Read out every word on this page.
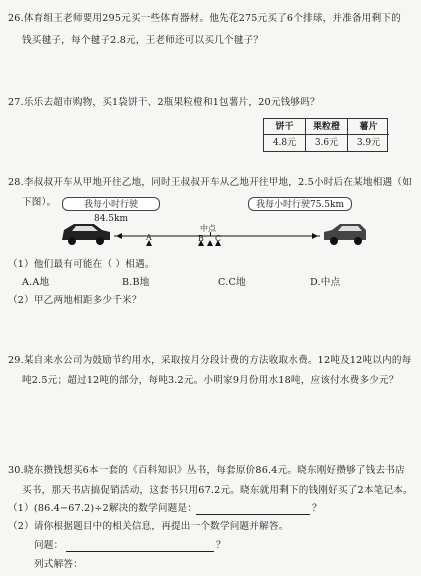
26.体育组王老师要用295元买一些体育器材。他先花275元买了6个排球，并准备用剩下的
钱买毽子，每个毽子2.8元，王老师还可以买几个毽子？
27.乐乐去超市购物，买1袋饼干、2瓶果粒橙和1包薯片，20元钱够吗？
饼干	果粒橙	薯片
4.8元	3.6元	3.9元
28.李叔叔开车从甲地开往乙地，同时王叔叔开车从乙地开往甲地，2.5小时后在某地相遇（如
下图）。	我每小时行驶84.5km
我每小时行驶75.5km
中点
A	B C
（1）他们最有可能在（ ）相遇。
A.A地	B.B地	C.C地	D.中点
（2）甲乙两地相距多少千米？
29.某自来水公司为鼓励节约用水，采取按月分段计费的方法收取水费。12吨及12吨以内的每
吨2.5元；超过12吨的部分，每吨3.2元。小明家9月份用水18吨，应该付水费多少元？
30.晓东攒钱想买6本一套的《百科知识》丛书，每套原价86.4元。晓东刚好攒够了钱去书店
买书，那天书店搞促销活动，这套书只用67.2元。晓东就用剩下的钱刚好买了2本笔记本。
（1）(86.4−67.2)÷2解决的数学问题是：	？
（2）请你根据题目中的相关信息，再提出一个数学问题并解答。
问题：	？
列式解答：
